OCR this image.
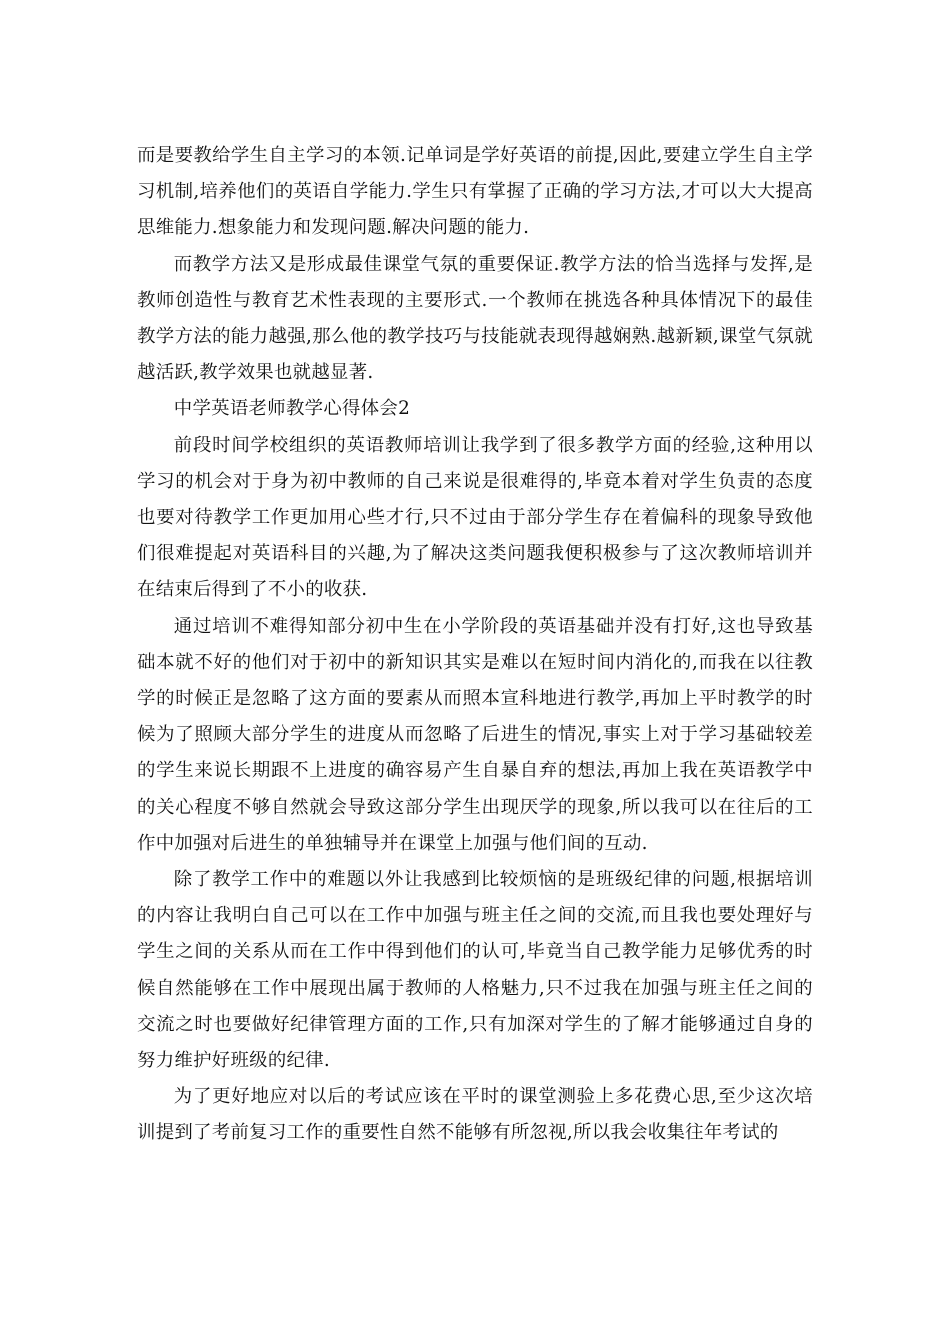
而是要教给学生自主学习的本领.记单词是学好英语的前提,因此,要建立学生自主学习机制,培养他们的英语自学能力.学生只有掌握了正确的学习方法,才可以大大提高思维能力.想象能力和发现问题.解决问题的能力.

而教学方法又是形成最佳课堂气氛的重要保证.教学方法的恰当选择与发挥,是教师创造性与教育艺术性表现的主要形式.一个教师在挑选各种具体情况下的最佳教学方法的能力越强,那么他的教学技巧与技能就表现得越娴熟.越新颖,课堂气氛就越活跃,教学效果也就越显著.

中学英语老师教学心得体会2

前段时间学校组织的英语教师培训让我学到了很多教学方面的经验,这种用以学习的机会对于身为初中教师的自己来说是很难得的,毕竟本着对学生负责的态度也要对待教学工作更加用心些才行,只不过由于部分学生存在着偏科的现象导致他们很难提起对英语科目的兴趣,为了解决这类问题我便积极参与了这次教师培训并在结束后得到了不小的收获.

通过培训不难得知部分初中生在小学阶段的英语基础并没有打好,这也导致基础本就不好的他们对于初中的新知识其实是难以在短时间内消化的,而我在以往教学的时候正是忽略了这方面的要素从而照本宣科地进行教学,再加上平时教学的时候为了照顾大部分学生的进度从而忽略了后进生的情况,事实上对于学习基础较差的学生来说长期跟不上进度的确容易产生自暴自弃的想法,再加上我在英语教学中的关心程度不够自然就会导致这部分学生出现厌学的现象,所以我可以在往后的工作中加强对后进生的单独辅导并在课堂上加强与他们间的互动.

除了教学工作中的难题以外让我感到比较烦恼的是班级纪律的问题,根据培训的内容让我明白自己可以在工作中加强与班主任之间的交流,而且我也要处理好与学生之间的关系从而在工作中得到他们的认可,毕竟当自己教学能力足够优秀的时候自然能够在工作中展现出属于教师的人格魅力,只不过我在加强与班主任之间的交流之时也要做好纪律管理方面的工作,只有加深对学生的了解才能够通过自身的努力维护好班级的纪律.

为了更好地应对以后的考试应该在平时的课堂测验上多花费心思,至少这次培训提到了考前复习工作的重要性自然不能够有所忽视,所以我会收集往年考试的
